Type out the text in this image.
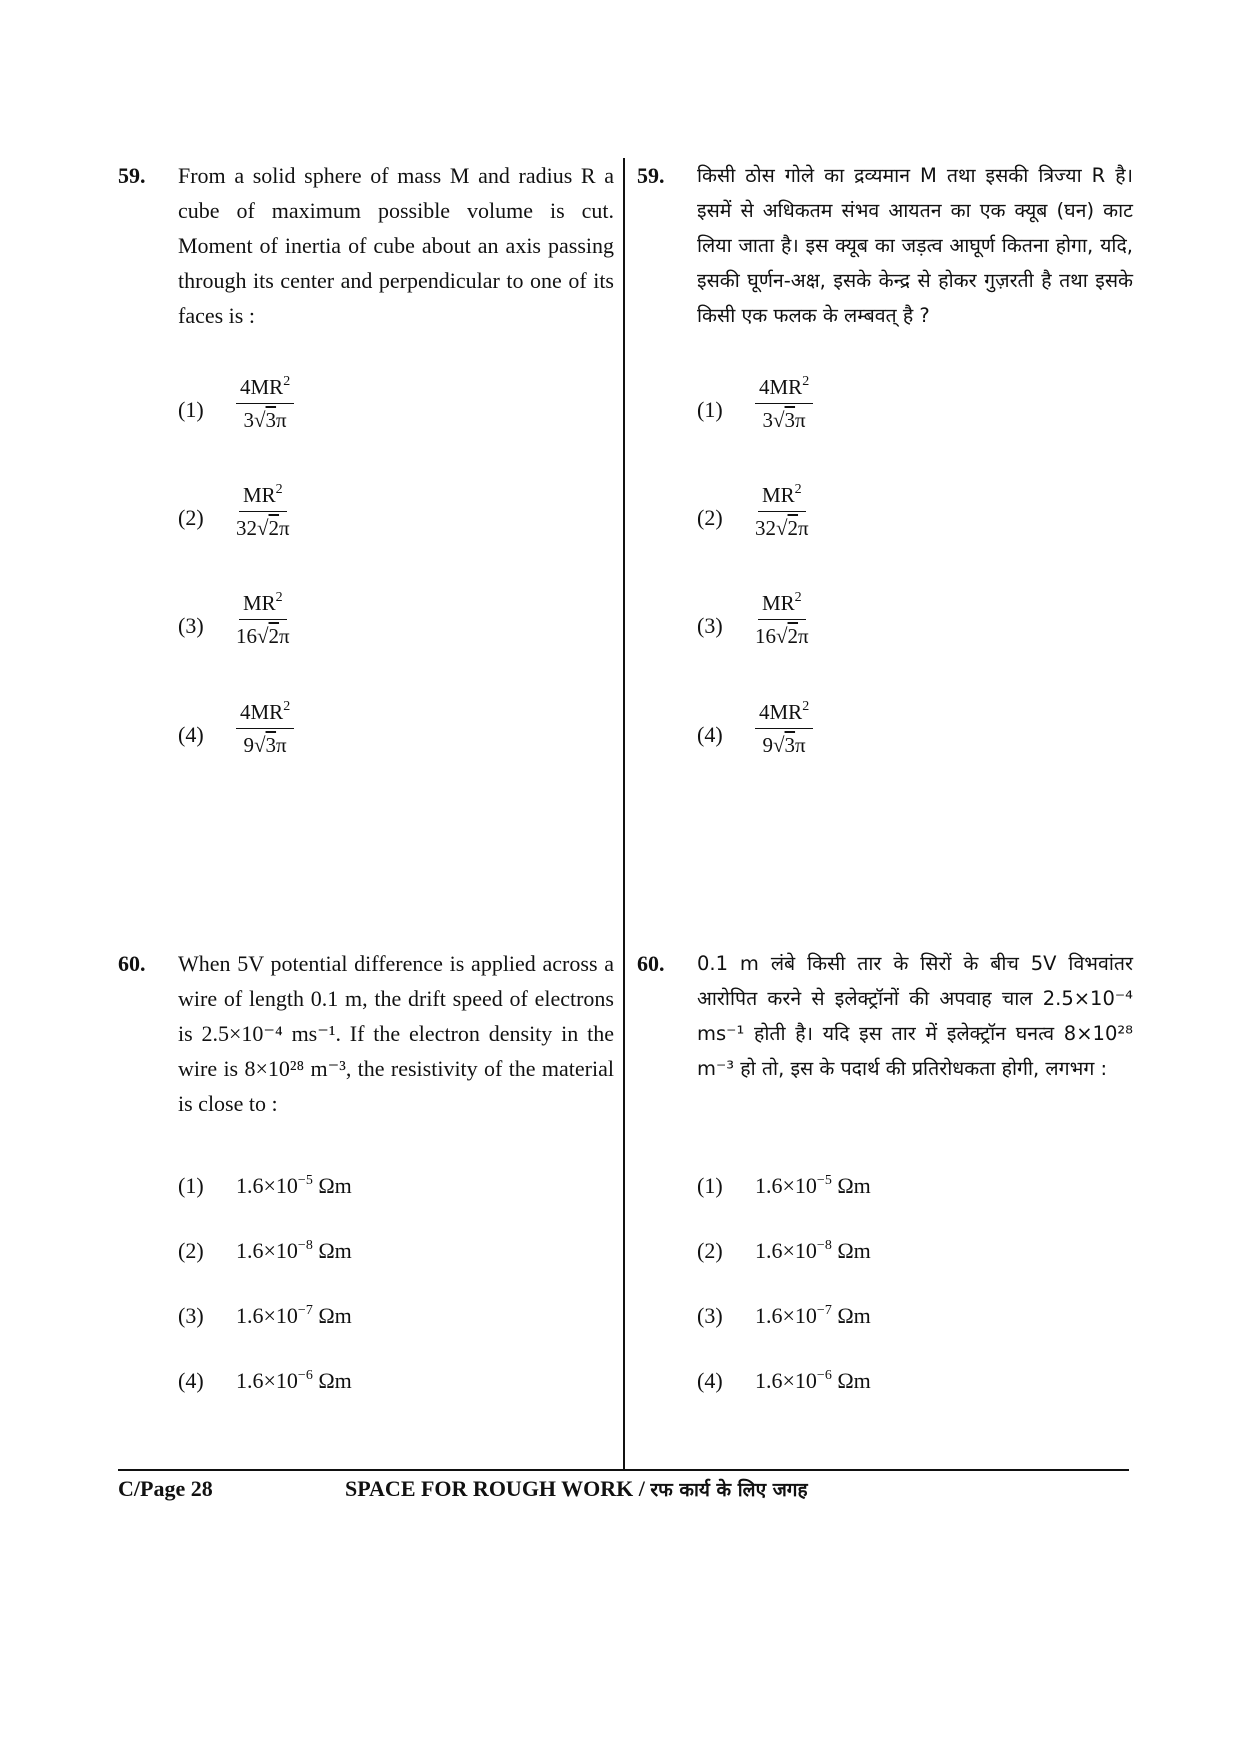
59. From a solid sphere of mass M and radius R a cube of maximum possible volume is cut. Moment of inertia of cube about an axis passing through its center and perpendicular to one of its faces is :
(1)	$\frac{4MR^2}{3√3\pi}$
(2)	$\frac{MR^2}{32√2\pi}$
(3)	$\frac{MR^2}{16√2\pi}$
(4)	$\frac{4MR^2}{9√3\pi}$
60. When 5V potential difference is applied across a wire of length 0.1 m, the drift speed of electrons is 2.5×10⁻⁴ ms⁻¹. If the electron density in the wire is 8×10²⁸ m⁻³, the resistivity of the material is close to :
(1)	$1.6\times 10^{-5}$ Ωm
(2)	$1.6\times 10^{-8}$ Ωm
(3)	$1.6\times 10^{-7}$ Ωm
(4)	$1.6\times 10^{-6}$ Ωm
59. किसी ठोस गोले का द्रव्यमान M तथा इसकी त्रिज्या R है। इसमें से अधिकतम संभव आयतन का एक क्यूब (घन) काट लिया जाता है। इस क्यूब का जड़त्व आघूर्ण कितना होगा, यदि, इसकी घूर्णन-अक्ष, इसके केन्द्र से होकर गुज़रती है तथा इसके किसी एक फलक के लम्बवत् है ?
(1)	$\frac{4MR^2}{3√3\pi}$
(2)	$\frac{MR^2}{32√2\pi}$
(3)	$\frac{MR^2}{16√2\pi}$
(4)	$\frac{4MR^2}{9√3\pi}$
60. 0.1 m लंबे किसी तार के सिरों के बीच 5V विभवांतर आरोपित करने से इलेक्ट्रॉनों की अपवाह चाल 2.5×10⁻⁴ ms⁻¹ होती है। यदि इस तार में इलेक्ट्रॉन घनत्व 8×10²⁸ m⁻³ हो तो, इस के पदार्थ की प्रतिरोधकता होगी, लगभग :
(1)	$1.6\times 10^{-5}$ Ωm
(2)	$1.6\times 10^{-8}$ Ωm
(3)	$1.6\times 10^{-7}$ Ωm
(4)	$1.6\times 10^{-6}$ Ωm
C/Page 28	SPACE FOR ROUGH WORK / रफ कार्य के लिए जगह
